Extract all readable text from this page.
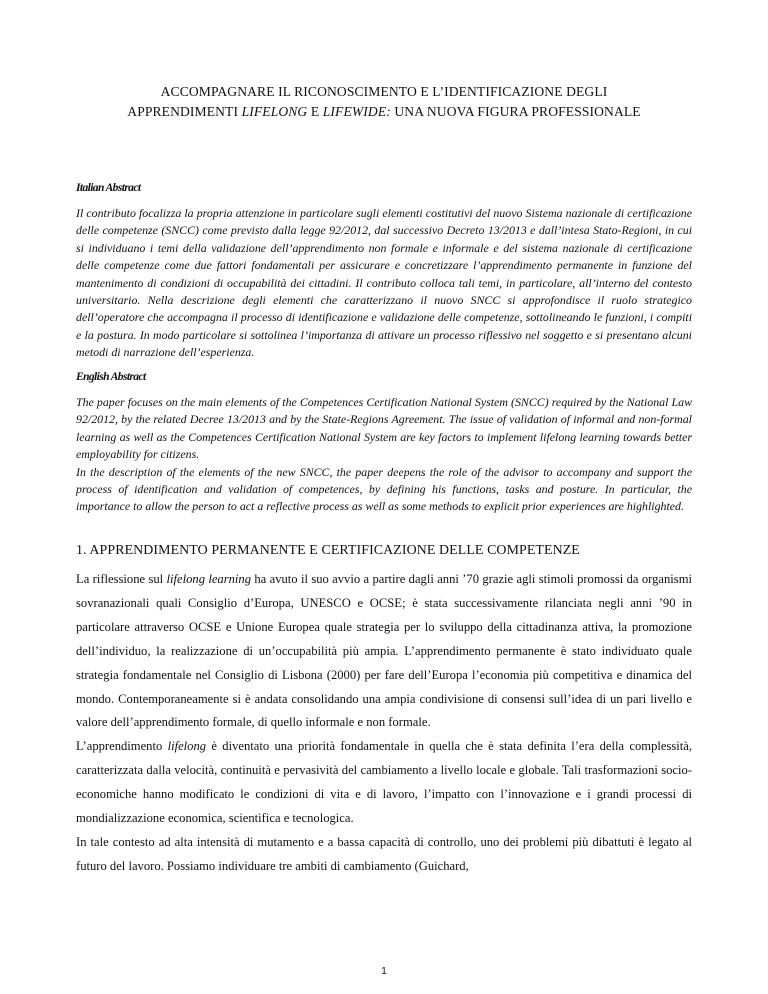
ACCOMPAGNARE IL RICONOSCIMENTO E L’IDENTIFICAZIONE DEGLI
APPRENDIMENTI LIFELONG E LIFEWIDE: UNA NUOVA FIGURA PROFESSIONALE
Italian Abstract

Il contributo focalizza la propria attenzione in particolare sugli elementi costitutivi del nuovo Sistema nazionale di certificazione delle competenze (SNCC) come previsto dalla legge 92/2012, dal successivo Decreto 13/2013 e dall’intesa Stato-Regioni, in cui si individuano i temi della validazione dell’apprendimento non formale e informale e del sistema nazionale di certificazione delle competenze come due fattori fondamentali per assicurare e concretizzare l’apprendimento permanente in funzione del mantenimento di condizioni di occupabilità dei cittadini. Il contributo colloca tali temi, in particolare, all’interno del contesto universitario. Nella descrizione degli elementi che caratterizzano il nuovo SNCC si approfondisce il ruolo strategico dell’operatore che accompagna il processo di identificazione e validazione delle competenze, sottolineando le funzioni, i compiti e la postura. In modo particolare si sottolinea l’importanza di attivare un processo riflessivo nel soggetto e si presentano alcuni metodi di narrazione dell’esperienza.

English Abstract

The paper focuses on the main elements of the Competences Certification National System (SNCC) required by the National Law 92/2012, by the related Decree 13/2013 and by the State-Regions Agreement. The issue of validation of informal and non-formal learning as well as the Competences Certification National System are key factors to implement lifelong learning towards better employability for citizens.

In the description of the elements of the new SNCC, the paper deepens the role of the advisor to accompany and support the process of identification and validation of competences, by defining his functions, tasks and posture. In particular, the importance to allow the person to act a reflective process as well as some methods to explicit prior experiences are highlighted.

1. APPRENDIMENTO PERMANENTE E CERTIFICAZIONE DELLE COMPETENZE

La riflessione sul lifelong learning ha avuto il suo avvio a partire dagli anni ’70 grazie agli stimoli promossi da organismi sovranazionali quali Consiglio d’Europa, UNESCO e OCSE; è stata successivamente rilanciata negli anni ’90 in particolare attraverso OCSE e Unione Europea quale strategia per lo sviluppo della cittadinanza attiva, la promozione dell’individuo, la realizzazione di un’occupabilità più ampia. L’apprendimento permanente è stato individuato quale strategia fondamentale nel Consiglio di Lisbona (2000) per fare dell’Europa l’economia più competitiva e dinamica del mondo. Contemporaneamente si è andata consolidando una ampia condivisione di consensi sull’idea di un pari livello e valore dell’apprendimento formale, di quello informale e non formale.

L’apprendimento lifelong è diventato una priorità fondamentale in quella che è stata definita l’era della complessità, caratterizzata dalla velocità, continuità e pervasività del cambiamento a livello locale e globale. Tali trasformazioni socio-economiche hanno modificato le condizioni di vita e di lavoro, l’impatto con l’innovazione e i grandi processi di mondializzazione economica, scientifica e tecnologica.

In tale contesto ad alta intensità di mutamento e a bassa capacità di controllo, uno dei problemi più dibattuti è legato al futuro del lavoro. Possiamo individuare tre ambiti di cambiamento (Guichard,

1
